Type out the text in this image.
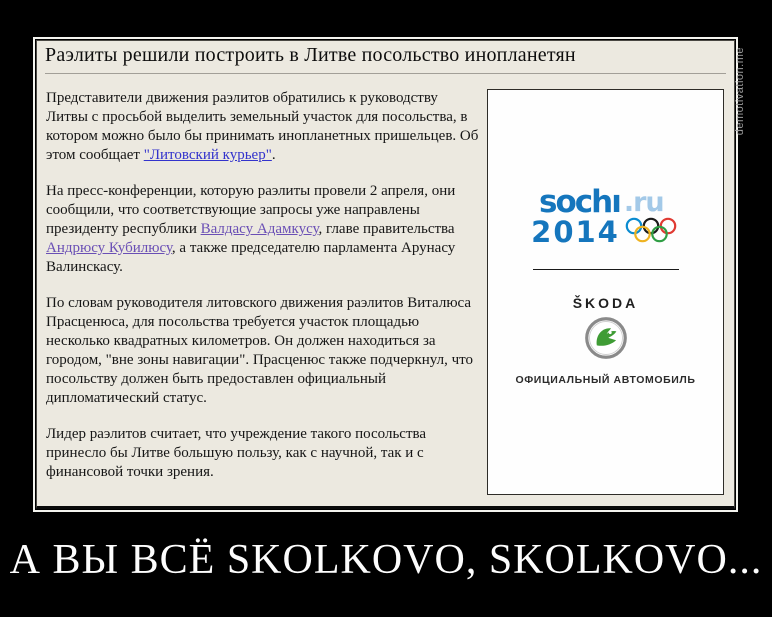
Раэлиты решили построить в Литве посольство инопланетян

Представители движения раэлитов обратились к руководству Литвы с просьбой выделить земельный участок для посольства, в котором можно было бы принимать инопланетных пришельцев. Об этом сообщает "Литовский курьер".

На пресс-конференции, которую раэлиты провели 2 апреля, они сообщили, что соответствующие запросы уже направлены президенту республики Валдасу Адамкусу, главе правительства Андрюсу Кубилюсу, а также председателю парламента Арунасу Валинскасу.

По словам руководителя литовского движения раэлитов Виталюса Прасценюса, для посольства требуется участок площадью несколько квадратных километров. Он должен находиться за городом, "вне зоны навигации". Прасценюс также подчеркнул, что посольству должен быть предоставлен официальный дипломатический статус.

Лидер раэлитов считает, что учреждение такого посольства принесло бы Литве большую пользу, как с научной, так и с финансовой точки зрения.

sochı .ru
2014
ŠKODA
ОФИЦИАЛЬНЫЙ АВТОМОБИЛЬ
demotivation.me
А ВЫ ВСЁ SKOLKOVO, SKOLKOVO...
